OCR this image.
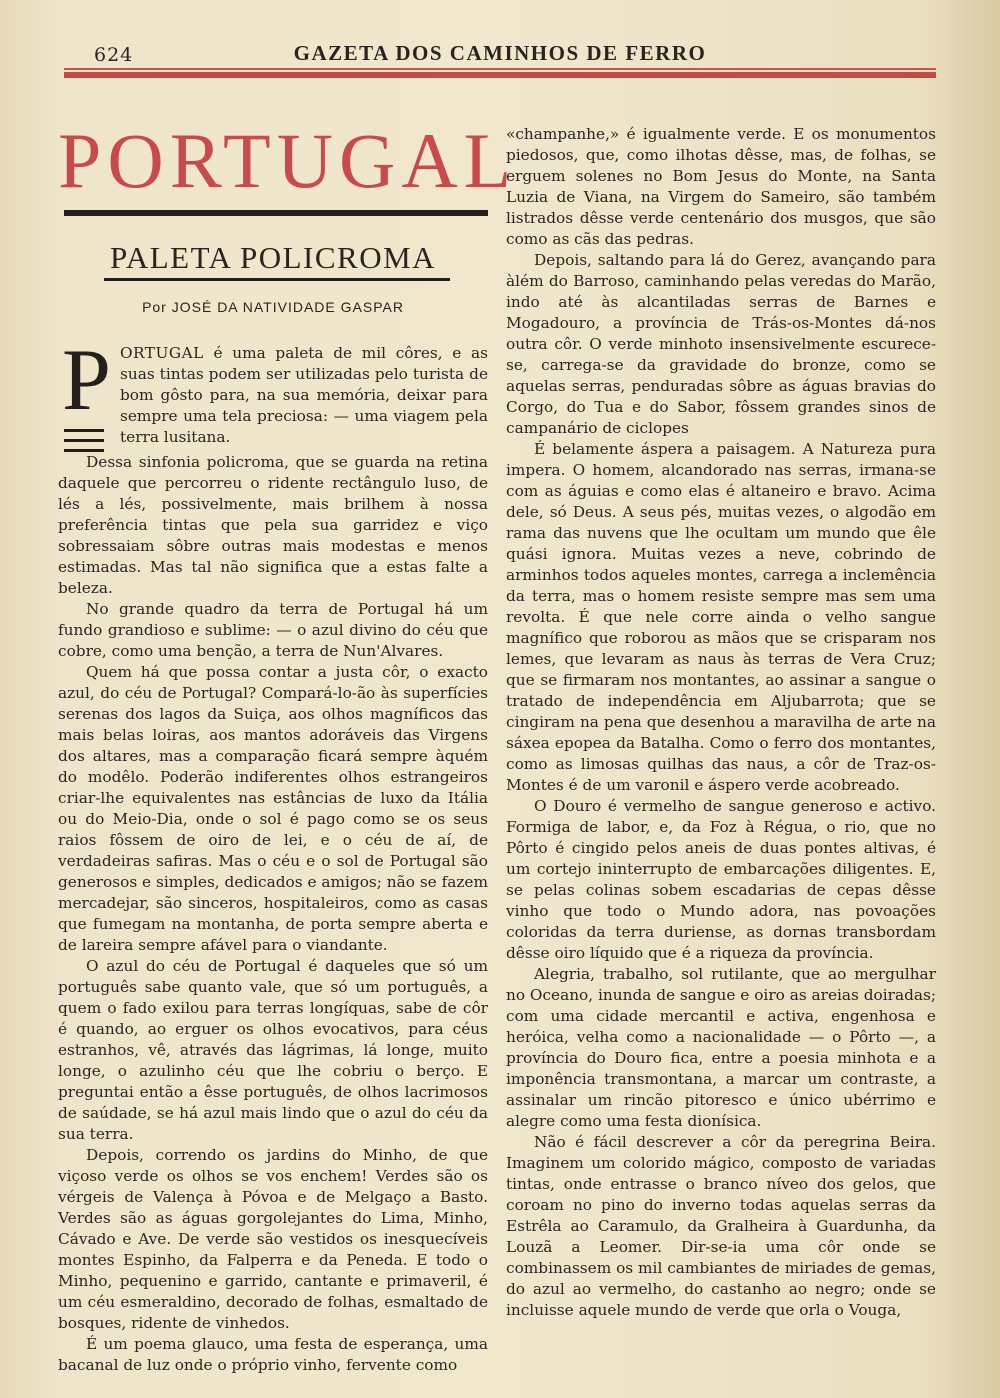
624	GAZETA DOS CAMINHOS DE FERRO
PORTUGAL
PALETA POLICROMA
Por JOSÉ DA NATIVIDADE GASPAR
P ORTUGAL é uma paleta de mil côres, e as suas tintas podem ser utilizadas pelo turista de bom gôsto para, na sua memória, deixar para sempre uma tela preciosa: — uma viagem pela terra lusitana.

Dessa sinfonia policroma, que se guarda na retina daquele que percorreu o ridente rectângulo luso, de lés a lés, possivelmente, mais brilhem à nossa preferência tintas que pela sua garridez e viço sobressaiam sôbre outras mais modestas e menos estimadas. Mas tal não significa que a estas falte a beleza.

No grande quadro da terra de Portugal há um fundo grandioso e sublime: — o azul divino do céu que cobre, como uma benção, a terra de Nun'Alvares.

Quem há que possa contar a justa côr, o exacto azul, do céu de Portugal? Compará-lo-ão às superfícies serenas dos lagos da Suiça, aos olhos magníficos das mais belas loiras, aos mantos adoráveis das Virgens dos altares, mas a comparação ficará sempre àquém do modêlo. Poderão indiferentes olhos estrangeiros criar-lhe equivalentes nas estâncias de luxo da Itália ou do Meio-Dia, onde o sol é pago como se os seus raios fôssem de oiro de lei, e o céu de aí, de verdadeiras safiras. Mas o céu e o sol de Portugal são generosos e simples, dedicados e amigos; não se fazem mercadejar, são sinceros, hospitaleiros, como as casas que fumegam na montanha, de porta sempre aberta e de lareira sempre afável para o viandante.

O azul do céu de Portugal é daqueles que só um português sabe quanto vale, que só um português, a quem o fado exilou para terras longíquas, sabe de côr é quando, ao erguer os olhos evocativos, para céus estranhos, vê, através das lágrimas, lá longe, muito longe, o azulinho céu que lhe cobriu o berço. E preguntai então a êsse português, de olhos lacrimosos de saúdade, se há azul mais lindo que o azul do céu da sua terra.

Depois, correndo os jardins do Minho, de que viçoso verde os olhos se vos enchem! Verdes são os vérgeis de Valença à Póvoa e de Melgaço a Basto. Verdes são as águas gorgolejantes do Lima, Minho, Cávado e Ave. De verde são vestidos os inesquecíveis montes Espinho, da Falperra e da Peneda. E todo o Minho, pequenino e garrido, cantante e primaveril, é um céu esmeraldino, decorado de folhas, esmaltado de bosques, ridente de vinhedos.

É um poema glauco, uma festa de esperança, uma bacanal de luz onde o próprio vinho, fervente como

«champanhe,» é igualmente verde. E os monumentos piedosos, que, como ilhotas dêsse, mas, de folhas, se erguem solenes no Bom Jesus do Monte, na Santa Luzia de Viana, na Virgem do Sameiro, são também listrados dêsse verde centenário dos musgos, que são como as cãs das pedras.

Depois, saltando para lá do Gerez, avançando para àlém do Barroso, caminhando pelas veredas do Marão, indo até às alcantiladas serras de Barnes e Mogadouro, a província de Trás-os-Montes dá-nos outra côr. O verde minhoto insensivelmente escurece-se, carrega-se da gravidade do bronze, como se aquelas serras, penduradas sôbre as águas bravias do Corgo, do Tua e do Sabor, fôssem grandes sinos de campanário de ciclopes

É belamente áspera a paisagem. A Natureza pura impera. O homem, alcandorado nas serras, irmana-se com as águias e como elas é altaneiro e bravo. Acima dele, só Deus. A seus pés, muitas vezes, o algodão em rama das nuvens que lhe ocultam um mundo que êle quási ignora. Muitas vezes a neve, cobrindo de arminhos todos aqueles montes, carrega a inclemência da terra, mas o homem resiste sempre mas sem uma revolta. É que nele corre ainda o velho sangue magnífico que roborou as mãos que se crisparam nos lemes, que levaram as naus às terras de Vera Cruz; que se firmaram nos montantes, ao assinar a sangue o tratado de independência em Aljubarrota; que se cingiram na pena que desenhou a maravilha de arte na sáxea epopea da Batalha. Como o ferro dos montantes, como as limosas quilhas das naus, a côr de Traz-os-Montes é de um varonil e áspero verde acobreado.

O Douro é vermelho de sangue generoso e activo. Formiga de labor, e, da Foz à Régua, o rio, que no Pôrto é cingido pelos aneis de duas pontes altivas, é um cortejo ininterrupto de embarcações diligentes. E, se pelas colinas sobem escadarias de cepas dêsse vinho que todo o Mundo adora, nas povoações coloridas da terra duriense, as dornas transbordam dêsse oiro líquido que é a riqueza da província.

Alegria, trabalho, sol rutilante, que ao mergulhar no Oceano, inunda de sangue e oiro as areias doiradas; com uma cidade mercantil e activa, engenhosa e heróica, velha como a nacionalidade — o Pôrto —, a província do Douro fica, entre a poesia minhota e a imponência transmontana, a marcar um contraste, a assinalar um rincão pitoresco e único ubérrimo e alegre como uma festa dionísica.

Não é fácil descrever a côr da peregrina Beira. Imaginem um colorido mágico, composto de variadas tintas, onde entrasse o branco níveo dos gelos, que coroam no pino do inverno todas aquelas serras da Estrêla ao Caramulo, da Gralheira à Guardunha, da Louzã a Leomer. Dir-se-ia uma côr onde se combinassem os mil cambiantes de miriades de gemas, do azul ao vermelho, do castanho ao negro; onde se incluisse aquele mundo de verde que orla o Vouga,
